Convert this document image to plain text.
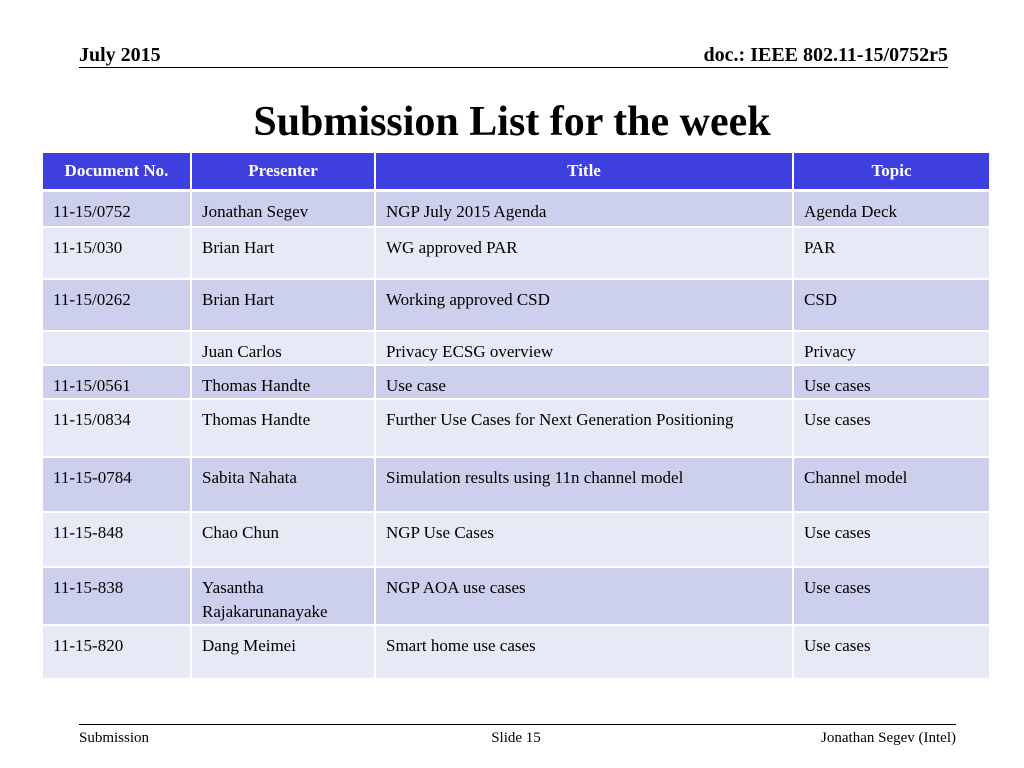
July 2015	doc.: IEEE 802.11-15/0752r5
Submission List for the week
Document No.	Presenter	Title	Topic
11-15/0752	Jonathan Segev	NGP July 2015 Agenda	Agenda Deck
11-15/030	Brian Hart	WG approved PAR	PAR
11-15/0262	Brian Hart	Working approved CSD	CSD
	Juan Carlos	Privacy ECSG overview	Privacy
11-15/0561	Thomas Handte	Use case	Use cases
11-15/0834	Thomas Handte	Further Use Cases for Next Generation Positioning	Use cases
11-15-0784	Sabita Nahata	Simulation results using 11n channel model	Channel model
11-15-848	Chao Chun	NGP Use Cases	Use cases
11-15-838	Yasantha Rajakarunanayake	NGP AOA use cases	Use cases
11-15-820	Dang Meimei	Smart home use cases	Use cases
Submission	Slide 15	Jonathan Segev (Intel)
